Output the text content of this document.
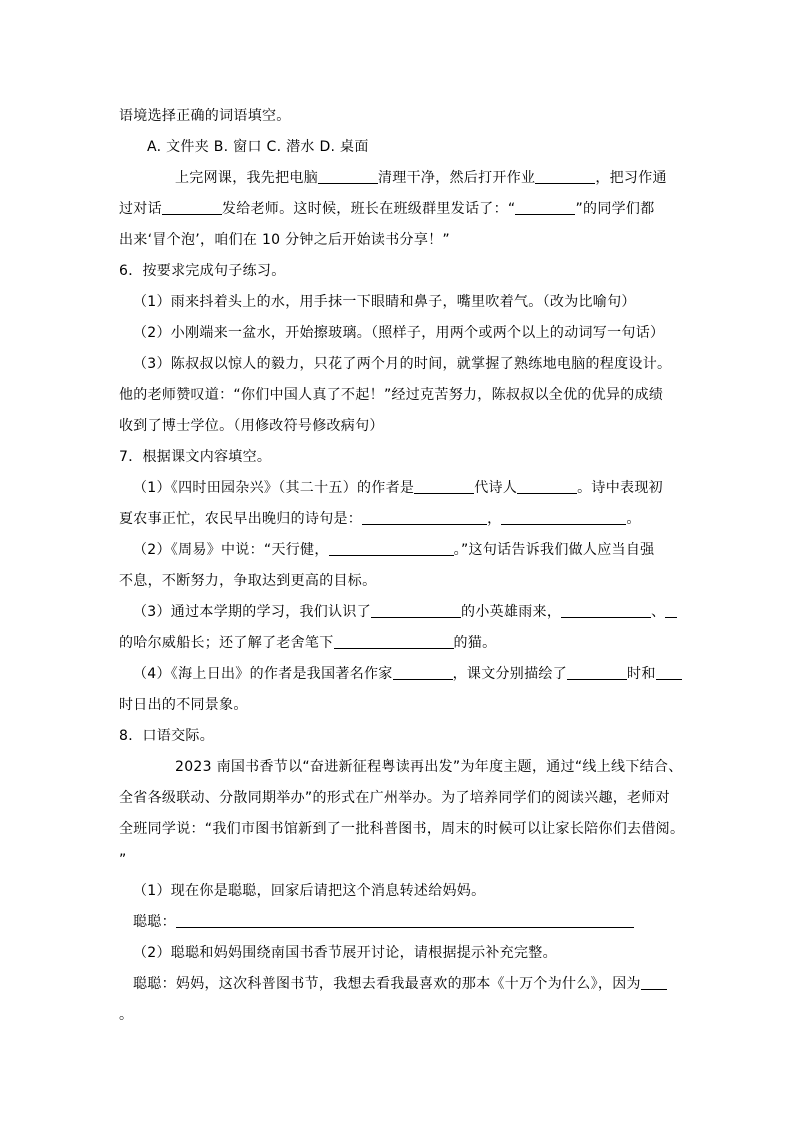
语境选择正确的词语填空。
A. 文件夹 B. 窗口 C. 潜水 D. 桌面
上完网课，我先把电脑	清理干净，然后打开作业	，把习作通
过对话	发给老师。这时候，班长在班级群里发话了：“	”的同学们都
出来‘冒个泡’，咱们在 10 分钟之后开始读书分享！”
6．按要求完成句子练习。
（1）雨来抖着头上的水，用手抹一下眼睛和鼻子，嘴里吹着气。（改为比喻句）
（2）小刚端来一盆水，开始擦玻璃。（照样子，用两个或两个以上的动词写一句话）
（3）陈叔叔以惊人的毅力，只花了两个月的时间，就掌握了熟练地电脑的程度设计。
他的老师赞叹道：“你们中国人真了不起！”经过克苦努力，陈叔叔以全优的优异的成绩
收到了博士学位。（用修改符号修改病句）
7．根据课文内容填空。
（1）《四时田园杂兴》（其二十五）的作者是	代诗人	。诗中表现初
夏农事正忙，农民早出晚归的诗句是：	，	。
（2）《周易》中说：“天行健，	。”这句话告诉我们做人应当自强
不息，不断努力，争取达到更高的目标。
（3）通过本学期的学习，我们认识了	的小英雄雨来，	、
的哈尔威船长；还了解了老舍笔下	的猫。
（4）《海上日出》的作者是我国著名作家	，课文分别描绘了	时和
时日出的不同景象。
8．口语交际。
2023 南国书香节以“奋进新征程粤读再出发”为年度主题，通过“线上线下结合、
全省各级联动、分散同期举办”的形式在广州举办。为了培养同学们的阅读兴趣，老师对
全班同学说：“我们市图书馆新到了一批科普图书，周末的时候可以让家长陪你们去借阅。
”
（1）现在你是聪聪，回家后请把这个消息转述给妈妈。
聪聪：
（2）聪聪和妈妈围绕南国书香节展开讨论，请根据提示补充完整。
聪聪：妈妈，这次科普图书节，我想去看我最喜欢的那本《十万个为什么》，因为
。
